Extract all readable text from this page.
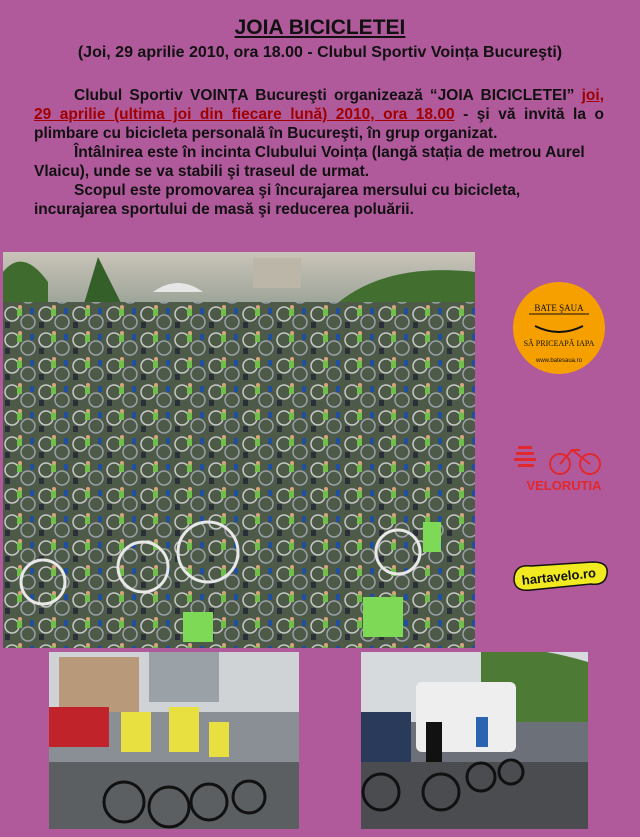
JOIA BICICLETEI
(Joi, 29 aprilie 2010, ora 18.00 - Clubul Sportiv Voința Bucureşti)

Clubul Sportiv VOINȚA Bucureşti organizează “JOIA BICICLETEI” joi, 29 aprilie (ultima joi din fiecare lună) 2010, ora 18.00 - şi vă invită la o plimbare cu bicicleta personală în Bucureşti, în grup organizat.

Întâlnirea este în incinta Clubului Voința (langă stația de metrou Aurel Vlaicu), unde se va stabili şi traseul de urmat.

Scopul este promovarea şi încurajarea mersului cu bicicleta, incurajarea sportului de masă şi reducerea poluării.

BATE ŞAUA
SĂ PRICEAPĂ IAPA
www.batesaua.ro
VELORUTIA
hartavelo.ro
